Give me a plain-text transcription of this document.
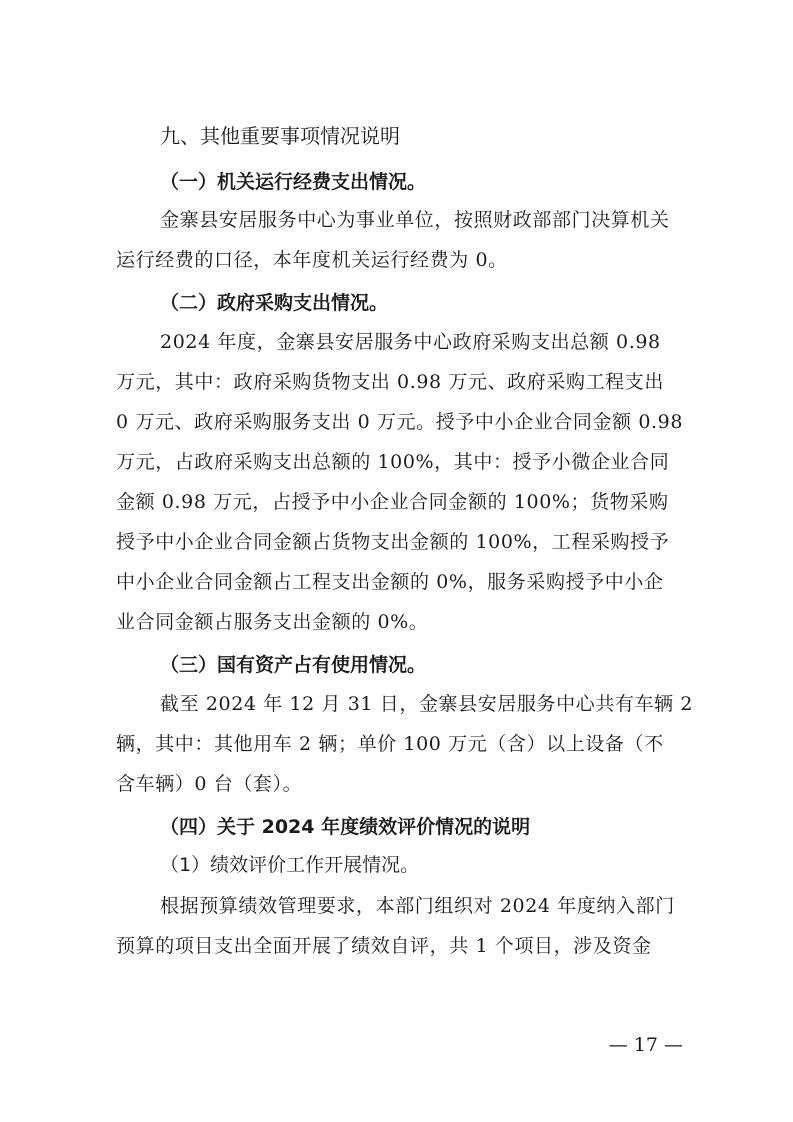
九、其他重要事项情况说明
（一）机关运行经费支出情况。
金寨县安居服务中心为事业单位，按照财政部部门决算机关
运行经费的口径，本年度机关运行经费为 0。
（二）政府采购支出情况。
2024 年度，金寨县安居服务中心政府采购支出总额 0.98
万元，其中：政府采购货物支出 0.98 万元、政府采购工程支出
0 万元、政府采购服务支出 0 万元。授予中小企业合同金额 0.98
万元，占政府采购支出总额的 100%，其中：授予小微企业合同
金额 0.98 万元，占授予中小企业合同金额的 100%；货物采购
授予中小企业合同金额占货物支出金额的 100%，工程采购授予
中小企业合同金额占工程支出金额的 0%，服务采购授予中小企
业合同金额占服务支出金额的 0%。
（三）国有资产占有使用情况。
截至 2024 年 12 月 31 日，金寨县安居服务中心共有车辆 2
辆，其中：其他用车 2 辆；单价 100 万元（含）以上设备（不
含车辆）0 台（套）。
（四）关于 2024 年度绩效评价情况的说明
（1）绩效评价工作开展情况。
根据预算绩效管理要求，本部门组织对 2024 年度纳入部门
预算的项目支出全面开展了绩效自评，共 1 个项目，涉及资金
— 17 —
